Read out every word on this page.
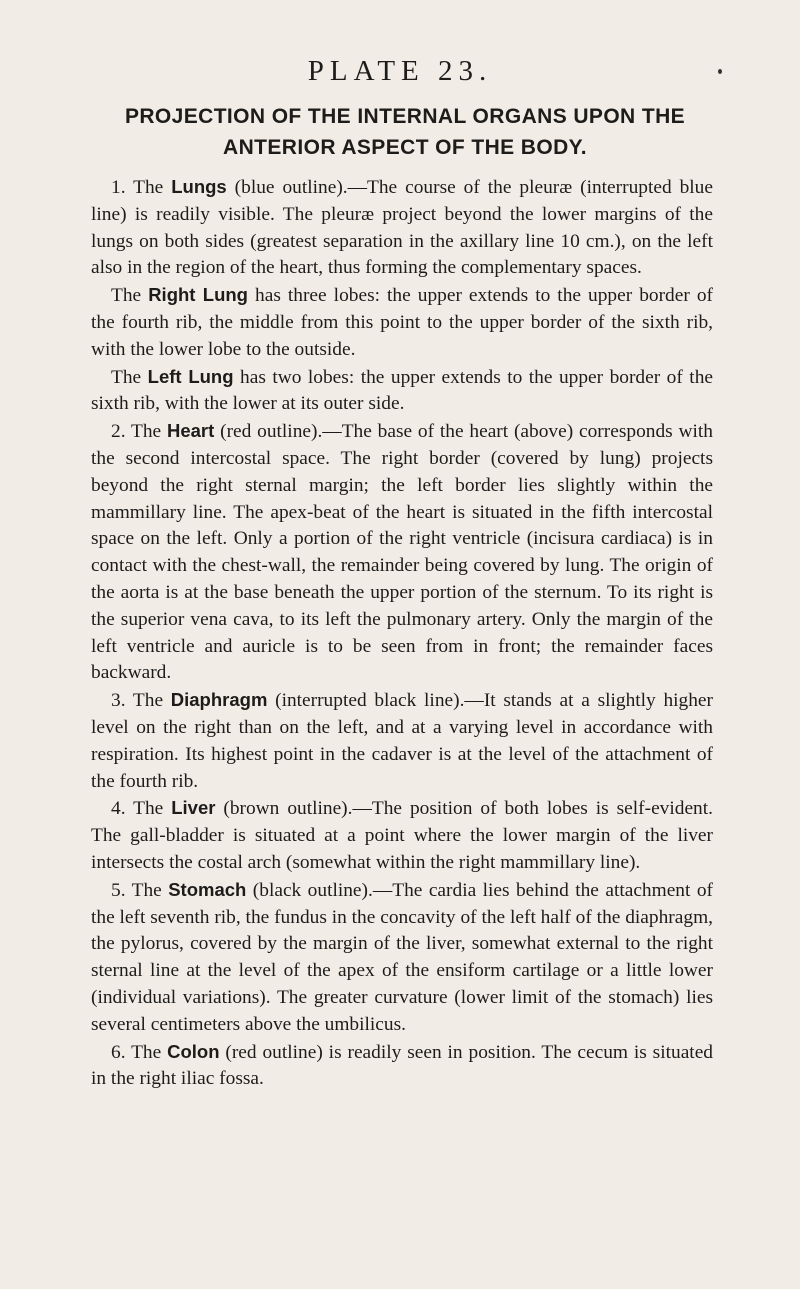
PLATE 23.
PROJECTION OF THE INTERNAL ORGANS UPON THE
ANTERIOR ASPECT OF THE BODY.

1. The Lungs (blue outline).—The course of the pleuræ (interrupted blue line) is readily visible. The pleuræ project beyond the lower margins of the lungs on both sides (greatest separation in the axillary line 10 cm.), on the left also in the region of the heart, thus forming the complementary spaces.

The Right Lung has three lobes: the upper extends to the upper border of the fourth rib, the middle from this point to the upper border of the sixth rib, with the lower lobe to the outside.

The Left Lung has two lobes: the upper extends to the upper border of the sixth rib, with the lower at its outer side.

2. The Heart (red outline).—The base of the heart (above) corresponds with the second intercostal space. The right border (covered by lung) projects beyond the right sternal margin; the left border lies slightly within the mammillary line. The apex-beat of the heart is situated in the fifth intercostal space on the left. Only a portion of the right ventricle (incisura cardiaca) is in contact with the chest-wall, the remainder being covered by lung. The origin of the aorta is at the base beneath the upper portion of the sternum. To its right is the superior vena cava, to its left the pulmonary artery. Only the margin of the left ventricle and auricle is to be seen from in front; the remainder faces backward.

3. The Diaphragm (interrupted black line).—It stands at a slightly higher level on the right than on the left, and at a varying level in accordance with respiration. Its highest point in the cadaver is at the level of the attachment of the fourth rib.

4. The Liver (brown outline).—The position of both lobes is self-evident. The gall-bladder is situated at a point where the lower margin of the liver intersects the costal arch (somewhat within the right mammillary line).

5. The Stomach (black outline).—The cardia lies behind the attachment of the left seventh rib, the fundus in the concavity of the left half of the diaphragm, the pylorus, covered by the margin of the liver, somewhat external to the right sternal line at the level of the apex of the ensiform cartilage or a little lower (individual variations). The greater curvature (lower limit of the stomach) lies several centimeters above the umbilicus.

6. The Colon (red outline) is readily seen in position. The cecum is situated in the right iliac fossa.
